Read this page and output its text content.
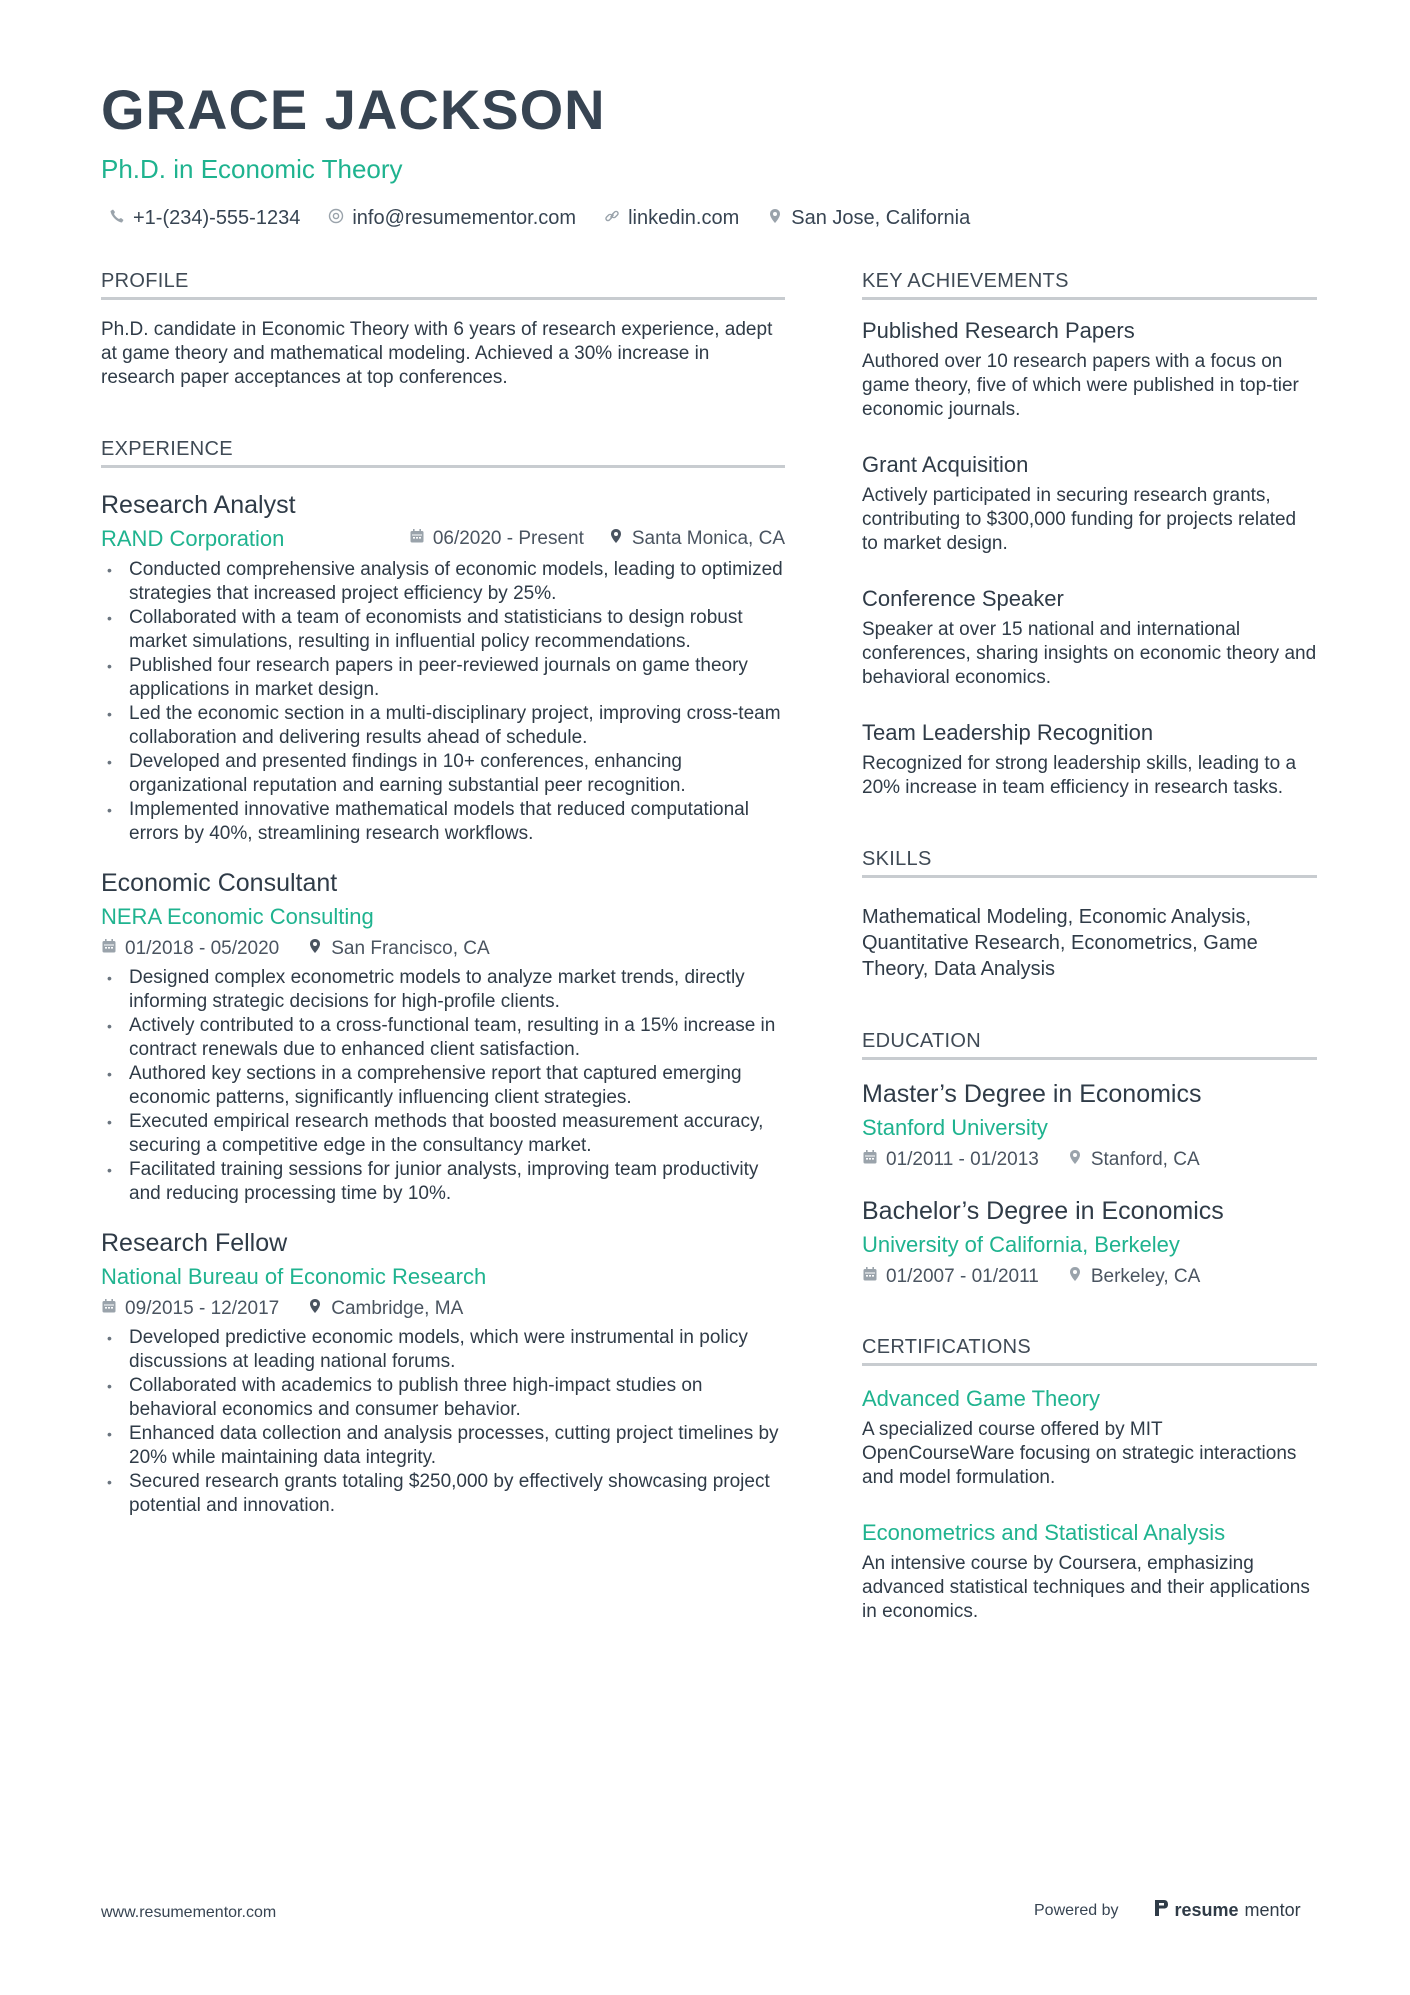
GRACE JACKSON
Ph.D. in Economic Theory
+1-(234)-555-1234	info@resumementor.com	linkedin.com	San Jose, California
PROFILE
Ph.D. candidate in Economic Theory with 6 years of research experience, adept at game theory and mathematical modeling. Achieved a 30% increase in research paper acceptances at top conferences.
EXPERIENCE
Research Analyst
RAND Corporation	06/2020 - Present	Santa Monica, CA
• Conducted comprehensive analysis of economic models, leading to optimized strategies that increased project efficiency by 25%.
• Collaborated with a team of economists and statisticians to design robust market simulations, resulting in influential policy recommendations.
• Published four research papers in peer-reviewed journals on game theory applications in market design.
• Led the economic section in a multi-disciplinary project, improving cross-team collaboration and delivering results ahead of schedule.
• Developed and presented findings in 10+ conferences, enhancing organizational reputation and earning substantial peer recognition.
• Implemented innovative mathematical models that reduced computational errors by 40%, streamlining research workflows.
Economic Consultant
NERA Economic Consulting
01/2018 - 05/2020	San Francisco, CA
• Designed complex econometric models to analyze market trends, directly informing strategic decisions for high-profile clients.
• Actively contributed to a cross-functional team, resulting in a 15% increase in contract renewals due to enhanced client satisfaction.
• Authored key sections in a comprehensive report that captured emerging economic patterns, significantly influencing client strategies.
• Executed empirical research methods that boosted measurement accuracy, securing a competitive edge in the consultancy market.
• Facilitated training sessions for junior analysts, improving team productivity and reducing processing time by 10%.
Research Fellow
National Bureau of Economic Research
09/2015 - 12/2017	Cambridge, MA
• Developed predictive economic models, which were instrumental in policy discussions at leading national forums.
• Collaborated with academics to publish three high-impact studies on behavioral economics and consumer behavior.
• Enhanced data collection and analysis processes, cutting project timelines by 20% while maintaining data integrity.
• Secured research grants totaling $250,000 by effectively showcasing project potential and innovation.
KEY ACHIEVEMENTS
Published Research Papers
Authored over 10 research papers with a focus on game theory, five of which were published in top-tier economic journals.
Grant Acquisition
Actively participated in securing research grants, contributing to $300,000 funding for projects related to market design.
Conference Speaker
Speaker at over 15 national and international conferences, sharing insights on economic theory and behavioral economics.
Team Leadership Recognition
Recognized for strong leadership skills, leading to a 20% increase in team efficiency in research tasks.
SKILLS
Mathematical Modeling, Economic Analysis, Quantitative Research, Econometrics, Game Theory, Data Analysis
EDUCATION
Master’s Degree in Economics
Stanford University
01/2011 - 01/2013	Stanford, CA
Bachelor’s Degree in Economics
University of California, Berkeley
01/2007 - 01/2011	Berkeley, CA
CERTIFICATIONS
Advanced Game Theory
A specialized course offered by MIT OpenCourseWare focusing on strategic interactions and model formulation.
Econometrics and Statistical Analysis
An intensive course by Coursera, emphasizing advanced statistical techniques and their applications in economics.
www.resumementor.com	Powered by	resume mentor
